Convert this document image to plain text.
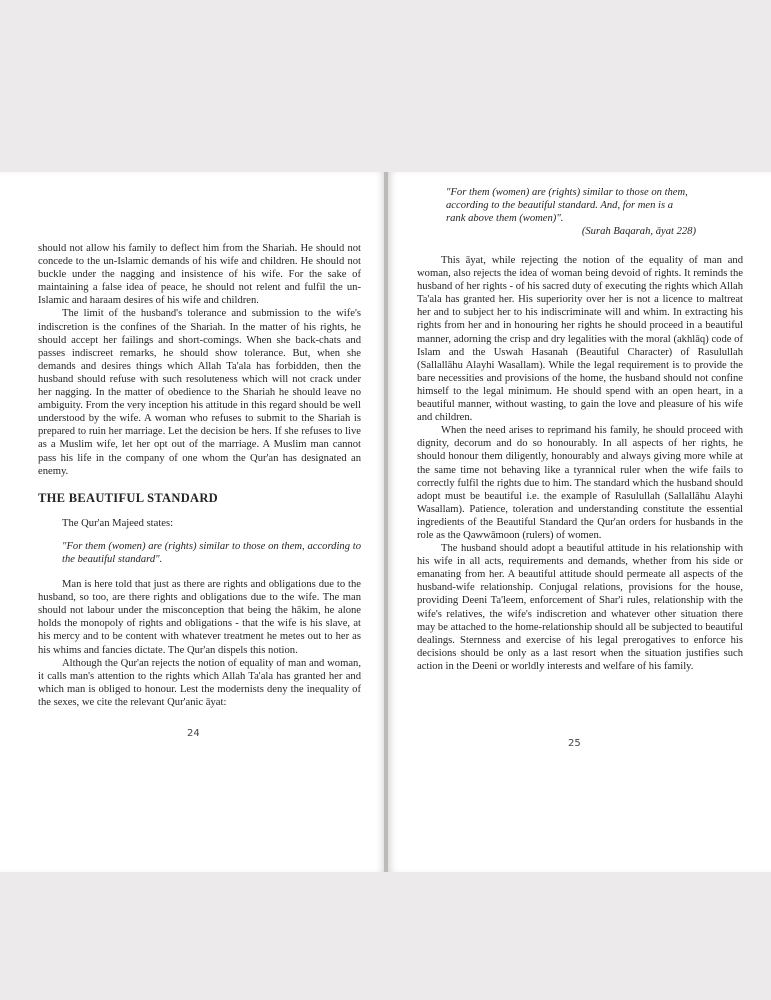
should not allow his family to deflect him from the Shariah. He should not concede to the un-Islamic demands of his wife and children. He should not buckle under the nagging and insistence of his wife. For the sake of maintaining a false idea of peace, he should not relent and fulfil the un-Islamic and haraam desires of his wife and children.

The limit of the husband's tolerance and submission to the wife's indiscretion is the confines of the Shariah. In the matter of his rights, he should accept her failings and short-comings. When she back-chats and passes indiscreet remarks, he should show tolerance. But, when she demands and desires things which Allah Ta'ala has forbidden, then the husband should refuse with such resoluteness which will not crack under her nagging. In the matter of obedience to the Shariah he should leave no ambiguity. From the very inception his attitude in this regard should be well understood by the wife. A woman who refuses to submit to the Shariah is prepared to ruin her marriage. Let the decision be hers. If she refuses to live as a Muslim wife, let her opt out of the marriage. A Muslim man cannot pass his life in the company of one whom the Qur'an has designated an enemy.

THE BEAUTIFUL STANDARD

The Qur'an Majeed states:

"For them (women) are (rights) similar to those on them, according to the beautiful standard".

Man is here told that just as there are rights and obligations due to the husband, so too, are there rights and obligations due to the wife. The man should not labour under the misconception that being the hākim, he alone holds the monopoly of rights and obligations - that the wife is his slave, at his mercy and to be content with whatever treatment he metes out to her as his whims and fancies dictate. The Qur'an dispels this notion.

Although the Qur'an rejects the notion of equality of man and woman, it calls man's attention to the rights which Allah Ta'ala has granted her and which man is obliged to honour. Lest the modernists deny the inequality of the sexes, we cite the relevant Qur'anic āyat:

24
"For them (women) are (rights) similar to those on them,
according to the beautiful standard. And, for men is a
rank above them (women)".
(Surah Baqarah, āyat 228)

This āyat, while rejecting the notion of the equality of man and woman, also rejects the idea of woman being devoid of rights. It reminds the husband of her rights - of his sacred duty of executing the rights which Allah Ta'ala has granted her. His superiority over her is not a licence to maltreat her and to subject her to his indiscriminate will and whim. In extracting his rights from her and in honouring her rights he should proceed in a beautiful manner, adorning the crisp and dry legalities with the moral (akhlāq) code of Islam and the Uswah Hasanah (Beautiful Character) of Rasulullah (Sallallāhu Alayhi Wasallam). While the legal requirement is to provide the bare necessities and provisions of the home, the husband should not confine himself to the legal minimum. He should spend with an open heart, in a beautiful manner, without wasting, to gain the love and pleasure of his wife and children.

When the need arises to reprimand his family, he should proceed with dignity, decorum and do so honourably. In all aspects of her rights, he should honour them diligently, honourably and always giving more while at the same time not behaving like a tyrannical ruler when the wife fails to correctly fulfil the rights due to him. The standard which the husband should adopt must be beautiful i.e. the example of Rasulullah (Sallallāhu Alayhi Wasallam). Patience, toleration and understanding constitute the essential ingredients of the Beautiful Standard the Qur'an orders for husbands in the role as the Qawwāmoon (rulers) of women.

The husband should adopt a beautiful attitude in his relationship with his wife in all acts, requirements and demands, whether from his side or emanating from her. A beautiful attitude should permeate all aspects of the husband-wife relationship. Conjugal relations, provisions for the house, providing Deeni Ta'leem, enforcement of Shar'i rules, relationship with the wife's relatives, the wife's indiscretion and whatever other situation there may be attached to the home-relationship should all be subjected to beautiful dealings. Sternness and exercise of his legal prerogatives to enforce his decisions should be only as a last resort when the situation justifies such action in the Deeni or worldly interests and welfare of his family.

25
